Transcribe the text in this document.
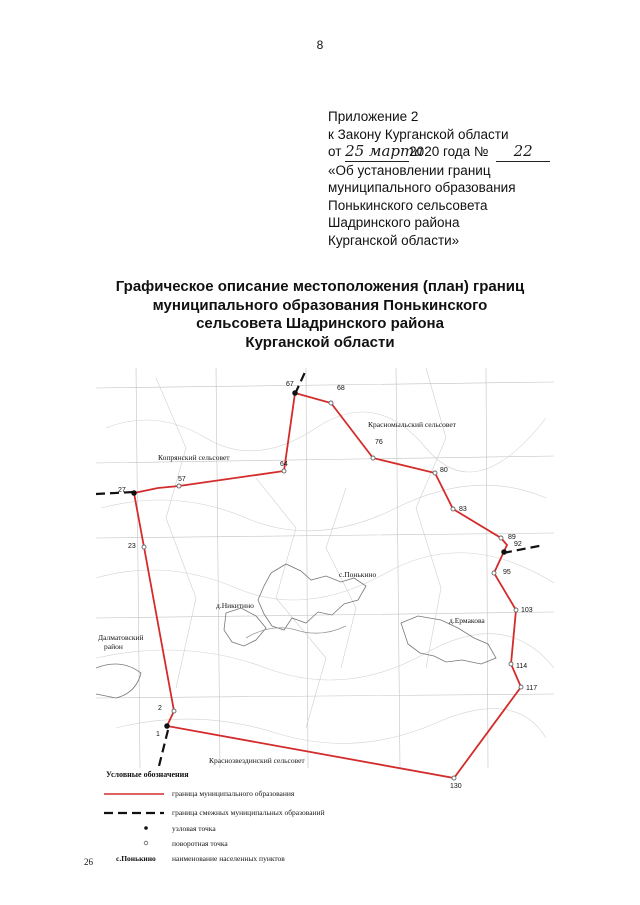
8
Приложение 2
к Закону Курганской области
от 25 марта2020 года № 22
«Об установлении границ
муниципального образования
Понькинского сельсовета
Шадринского района
Курганской области»
Графическое описание местоположения (план) границ
муниципального образования Понькинского
сельсовета Шадринского района
Курганской области
27
57
64
67
68
76
80
83
89
92
95
103
114
117
130
1
2
23
Копрянский сельсовет
Красномыльский сельсовет
Далматовский
район
Краснозвездинский сельсовет
с.Понькино
д.Никитино
д.Ермакова
Условные обозначения
граница муниципального образования
граница смежных муниципальных образований
узловая точка
поворотная точка
с.Понькино наименование населенных пунктов
26
